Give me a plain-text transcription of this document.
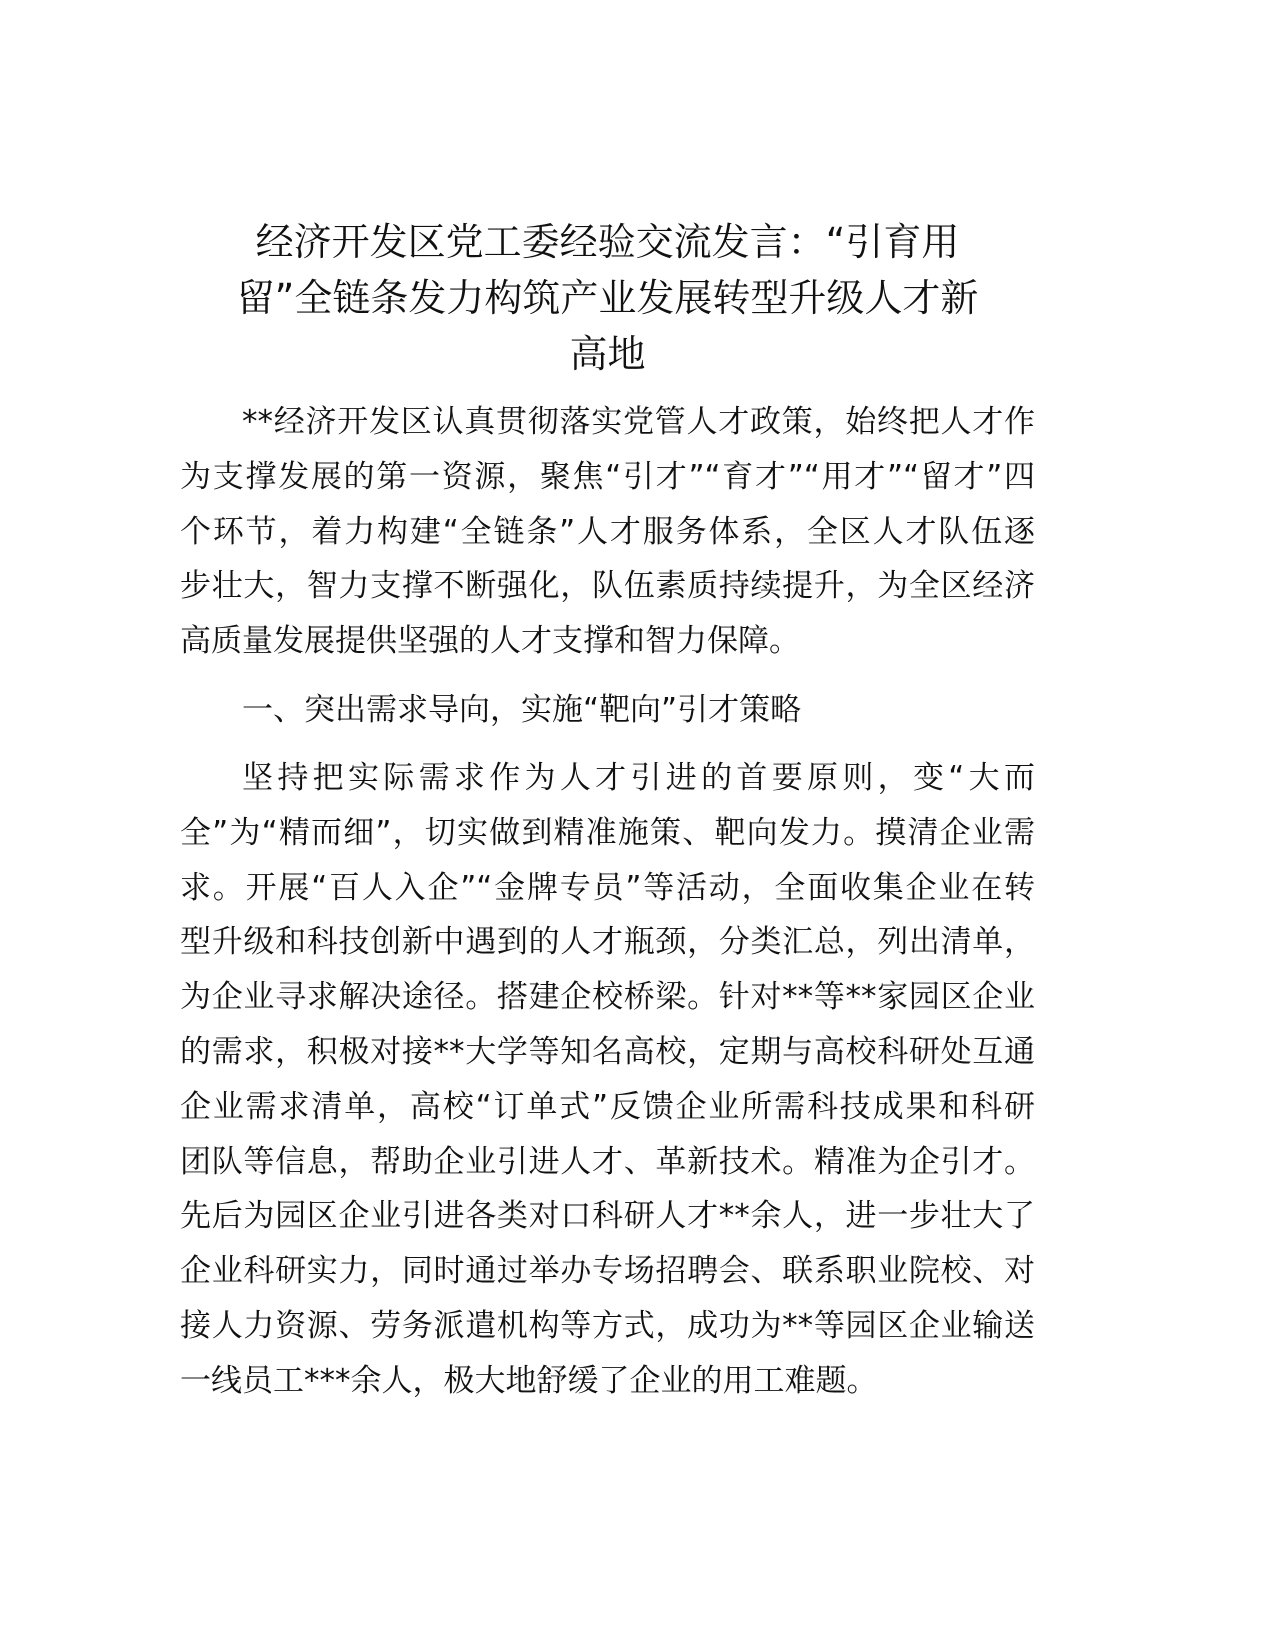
经济开发区党工委经验交流发言：“引育用
留”全链条发力构筑产业发展转型升级人才新
高地
**经济开发区认真贯彻落实党管人才政策，始终把人才作
为支撑发展的第一资源，聚焦“引才”“育才”“用才”“留才”四
个环节，着力构建“全链条”人才服务体系，全区人才队伍逐
步壮大，智力支撑不断强化，队伍素质持续提升，为全区经济
高质量发展提供坚强的人才支撑和智力保障。
一、突出需求导向，实施“靶向”引才策略
坚持把实际需求作为人才引进的首要原则，变“大而
全”为“精而细”，切实做到精准施策、靶向发力。摸清企业需
求。开展“百人入企”“金牌专员”等活动，全面收集企业在转
型升级和科技创新中遇到的人才瓶颈，分类汇总，列出清单，
为企业寻求解决途径。搭建企校桥梁。针对**等**家园区企业
的需求，积极对接**大学等知名高校，定期与高校科研处互通
企业需求清单，高校“订单式”反馈企业所需科技成果和科研
团队等信息，帮助企业引进人才、革新技术。精准为企引才。
先后为园区企业引进各类对口科研人才**余人，进一步壮大了
企业科研实力，同时通过举办专场招聘会、联系职业院校、对
接人力资源、劳务派遣机构等方式，成功为**等园区企业输送
一线员工***余人，极大地舒缓了企业的用工难题。
